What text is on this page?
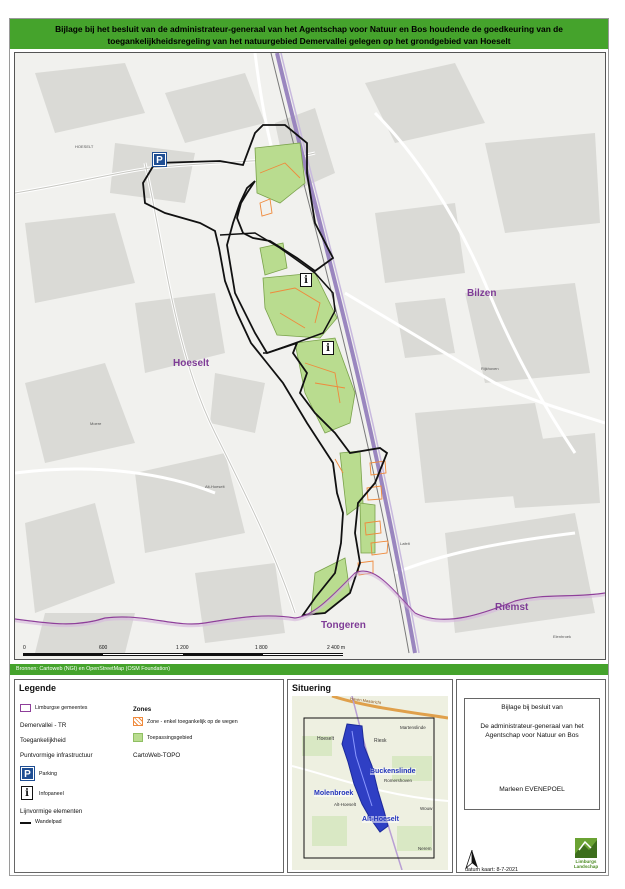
Bijlage bij het besluit van de administrateur-generaal van het Agentschap voor Natuur en Bos houdende de goedkeuring van de
toegankelijkheidsregeling van het natuurgebied Demervallei gelegen op het grondgebied van Hoeselt
HOESELT
Rijkhoven
Moere
Alt-Hoeselt
Elenhroek
Lafelt
Hoeselt
Bilzen
Tongeren
Riemst
P
i
i
0	600	1 200	1 800	2 400 m
Bronnen: Cartoweb (NGI) en OpenStreetMap (OSM Foundation)
Legende
Limburgse gemeentes
Demervallei - TR
Toegankelijkheid
Puntvormige infrastructuur
P	Parking
i	Infopaneel
Lijnvormige elementen
Wandelpad
Zones
Zone - enkel toegankelijk op de wegen
Toepassingsgebied
CartoWeb-TOPO
Situering
Haven Maastricht
Hoeselt	Riesk
Martenslinde
Buckenslinde
Romershoven
Molenbroek
Alt-Hoeselt
Wouw
Alt-Hoeselt
Nerem
Bijlage bij besluit van
De administrateur-generaal van het
Agentschap voor Natuur en Bos
Marleen EVENEPOEL
datum kaart: 8-7-2021
Limburgs
Landschap
